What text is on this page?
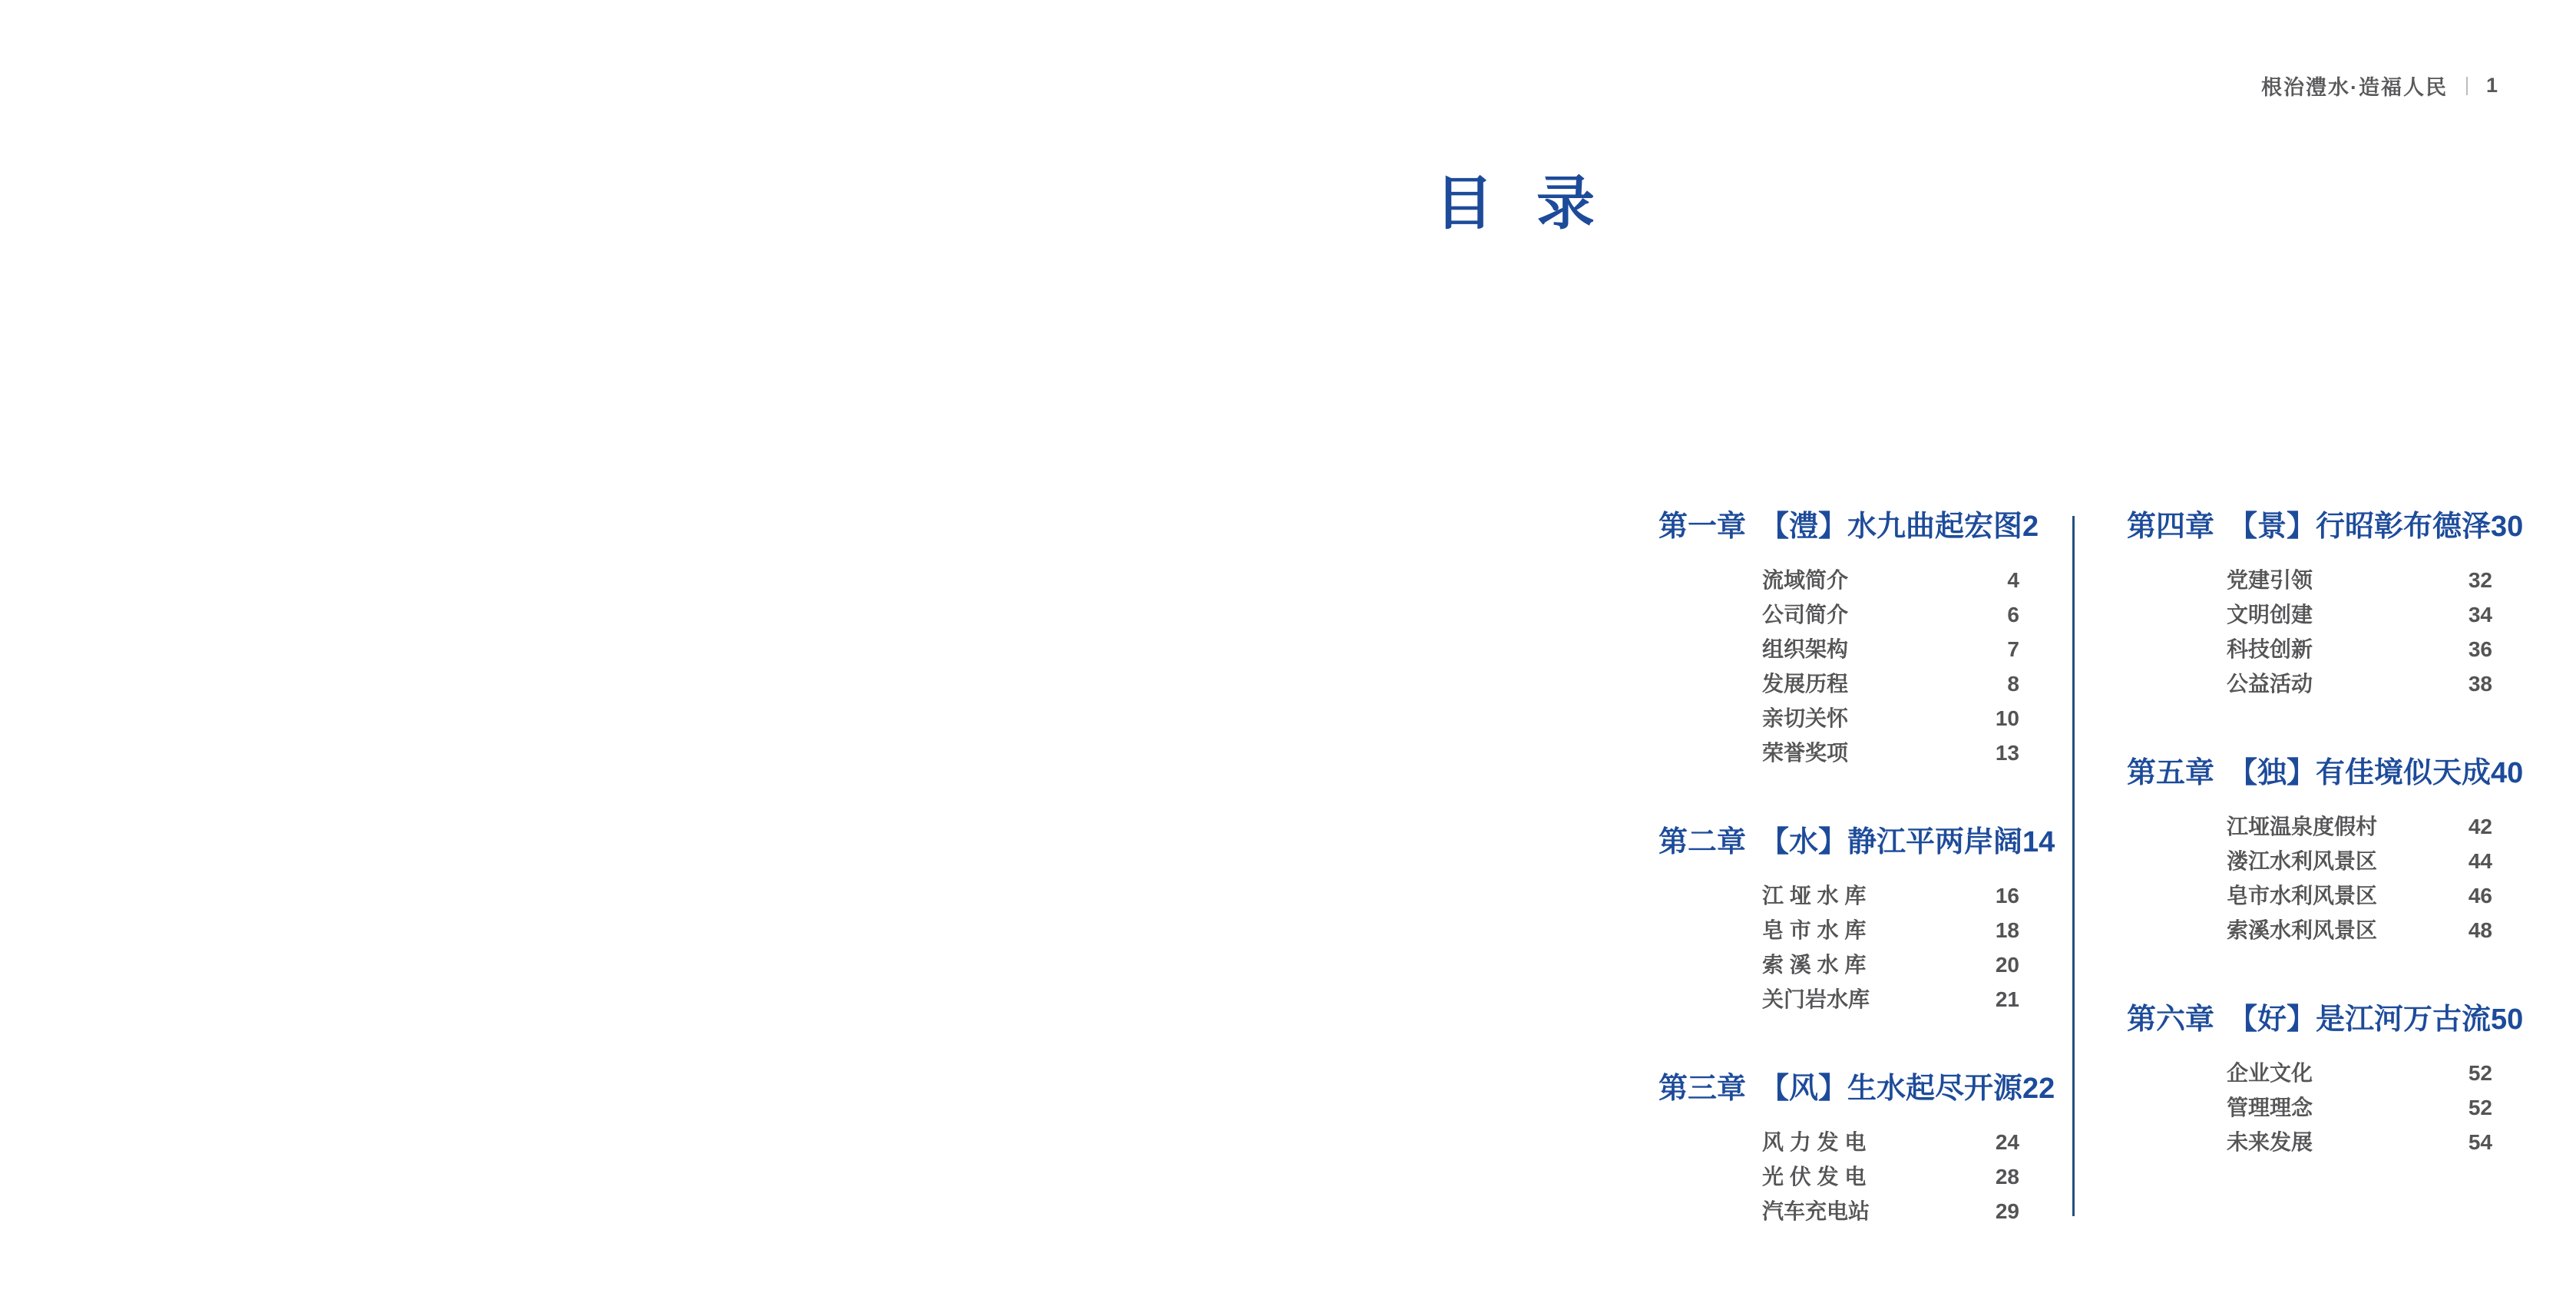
根治澧水·造福人民 1
目 录
第一章 【澧】水九曲起宏图 2
流域简介	4
公司简介	6
组织架构	7
发展历程	8
亲切关怀	10
荣誉奖项	13
第二章 【水】静江平两岸阔 14
江 垭 水 库	16
皂 市 水 库	18
索 溪 水 库	20
关门岩水库	21
第三章 【风】生水起尽开源 22
风 力 发 电	24
光 伏 发 电	28
汽车充电站	29
第四章 【景】行昭彰布德泽 30
党建引领	32
文明创建	34
科技创新	36
公益活动	38
第五章 【独】有佳境似天成 40
江垭温泉度假村	42
溇江水利风景区	44
皂市水利风景区	46
索溪水利风景区	48
第六章 【好】是江河万古流 50
企业文化	52
管理理念	52
未来发展	54
